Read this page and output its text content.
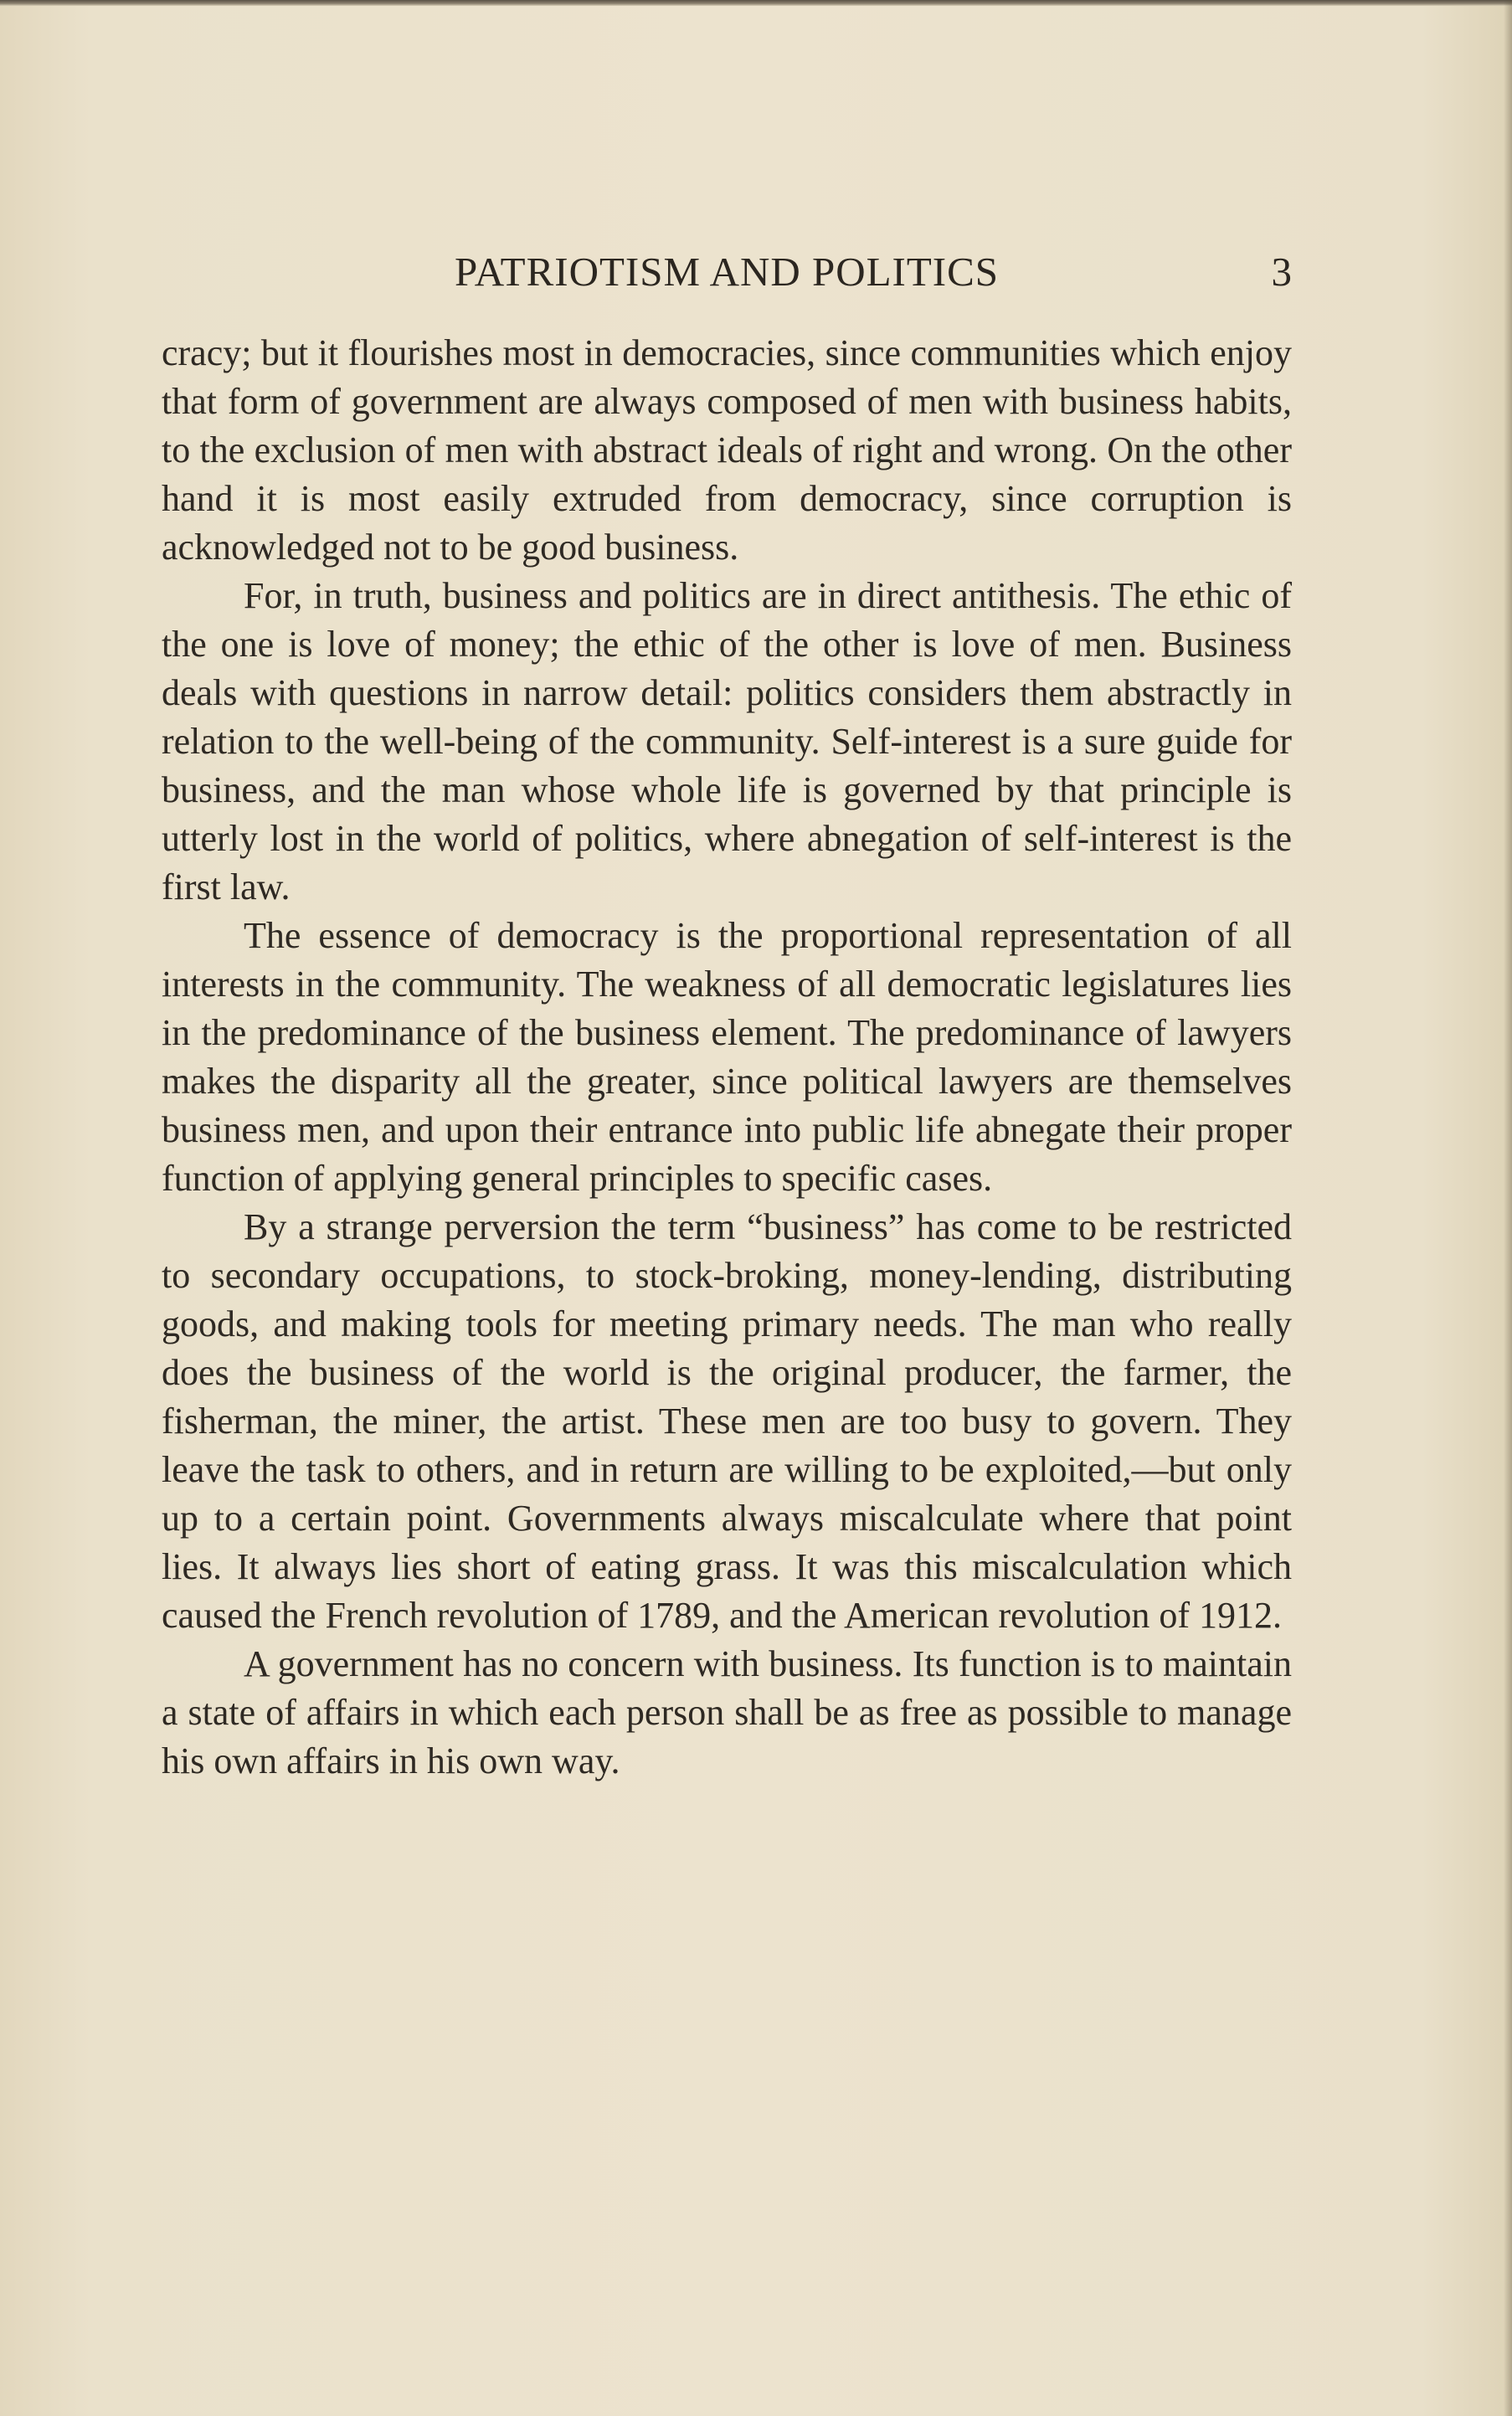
PATRIOTISM AND POLITICS	3

cracy; but it flourishes most in democracies, since communities which enjoy that form of government are always composed of men with business habits, to the exclusion of men with abstract ideals of right and wrong. On the other hand it is most easily extruded from democracy, since corruption is acknowledged not to be good business.

For, in truth, business and politics are in direct antithesis. The ethic of the one is love of money; the ethic of the other is love of men. Business deals with questions in narrow detail: politics considers them abstractly in relation to the well-being of the community. Self-interest is a sure guide for business, and the man whose whole life is governed by that principle is utterly lost in the world of politics, where abnegation of self-interest is the first law.

The essence of democracy is the proportional representation of all interests in the community. The weakness of all democratic legislatures lies in the predominance of the business element. The predominance of lawyers makes the disparity all the greater, since political lawyers are themselves business men, and upon their entrance into public life abnegate their proper function of applying general principles to specific cases.

By a strange perversion the term “business” has come to be restricted to secondary occupations, to stock-broking, money-lending, distributing goods, and making tools for meeting primary needs. The man who really does the business of the world is the original producer, the farmer, the fisherman, the miner, the artist. These men are too busy to govern. They leave the task to others, and in return are willing to be exploited,—but only up to a certain point. Governments always miscalculate where that point lies. It always lies short of eating grass. It was this miscalculation which caused the French revolution of 1789, and the American revolution of 1912.

A government has no concern with business. Its function is to maintain a state of affairs in which each person shall be as free as possible to manage his own affairs in his own way.
